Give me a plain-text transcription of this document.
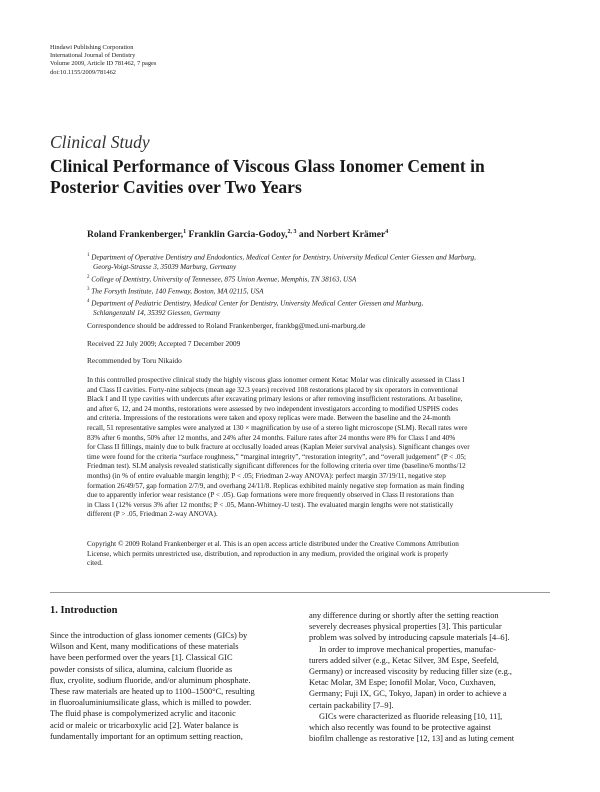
Hindawi Publishing Corporation
International Journal of Dentistry
Volume 2009, Article ID 781462, 7 pages
doi:10.1155/2009/781462
Clinical Study
Clinical Performance of Viscous Glass Ionomer Cement in
Posterior Cavities over Two Years
Roland Frankenberger,$^1$ Franklin Garcia-Godoy,$^{2, 3}$ and Norbert Krämer$^4$
$^1$ Department of Operative Dentistry and Endodontics, Medical Center for Dentistry, University Medical Center Giessen and Marburg,
Georg-Voigt-Strasse 3, 35039 Marburg, Germany
$^2$ College of Dentistry, University of Tennessee, 875 Union Avenue, Memphis, TN 38163, USA
$^3$ The Forsyth Institute, 140 Fenway, Boston, MA 02115, USA
$^4$ Department of Pediatric Dentistry, Medical Center for Dentistry, University Medical Center Giessen and Marburg,
Schlangenzahl 14, 35392 Giessen, Germany
Correspondence should be addressed to Roland Frankenberger, frankbg@med.uni-marburg.de
Received 22 July 2009; Accepted 7 December 2009
Recommended by Toru Nikaido
In this controlled prospective clinical study the highly viscous glass ionomer cement Ketac Molar was clinically assessed in Class I
and Class II cavities. Forty-nine subjects (mean age 32.3 years) received 108 restorations placed by six operators in conventional
Black I and II type cavities with undercuts after excavating primary lesions or after removing insufficient restorations. At baseline,
and after 6, 12, and 24 months, restorations were assessed by two independent investigators according to modified USPHS codes
and criteria. Impressions of the restorations were taken and epoxy replicas were made. Between the baseline and the 24-month
recall, 51 representative samples were analyzed at 130 × magnification by use of a stereo light microscope (SLM). Recall rates were
83% after 6 months, 50% after 12 months, and 24% after 24 months. Failure rates after 24 months were 8% for Class I and 40%
for Class II fillings, mainly due to bulk fracture at occlusally loaded areas (Kaplan Meier survival analysis). Significant changes over
time were found for the criteria “surface roughness,” “marginal integrity”, “restoration integrity”, and “overall judgement” (P < .05;
Friedman test). SLM analysis revealed statistically significant differences for the following criteria over time (baseline/6 months/12
months) (in % of entire evaluable margin length); P < .05; Friedman 2-way ANOVA): perfect margin 37/19/11, negative step
formation 26/49/57, gap formation 2/7/9, and overhang 24/11/8. Replicas exhibited mainly negative step formation as main finding
due to apparently inferior wear resistance (P < .05). Gap formations were more frequently observed in Class II restorations than
in Class I (12% versus 3% after 12 months; P < .05, Mann-Whitney-U test). The evaluated margin lengths were not statistically
different (P > .05, Friedman 2-way ANOVA).
Copyright © 2009 Roland Frankenberger et al. This is an open access article distributed under the Creative Commons Attribution
License, which permits unrestricted use, distribution, and reproduction in any medium, provided the original work is properly
cited.
1. Introduction
Since the introduction of glass ionomer cements (GICs) by
Wilson and Kent, many modifications of these materials
have been performed over the years [1]. Classical GIC
powder consists of silica, alumina, calcium fluoride as
flux, cryolite, sodium fluoride, and/or aluminum phosphate.
These raw materials are heated up to 1100–1500°C, resulting
in fluoroaluminiumsilicate glass, which is milled to powder.
The fluid phase is compolymerized acrylic and itaconic
acid or maleic or tricarboxylic acid [2]. Water balance is
fundamentally important for an optimum setting reaction,
any difference during or shortly after the setting reaction
severely decreases physical properties [3]. This particular
problem was solved by introducing capsule materials [4–6].
In order to improve mechanical properties, manufac-
turers added silver (e.g., Ketac Silver, 3M Espe, Seefeld,
Germany) or increased viscosity by reducing filler size (e.g.,
Ketac Molar, 3M Espe; Ionofil Molar, Voco, Cuxhaven,
Germany; Fuji IX, GC, Tokyo, Japan) in order to achieve a
certain packability [7–9].
GICs were characterized as fluoride releasing [10, 11],
which also recently was found to be protective against
biofilm challenge as restorative [12, 13] and as luting cement
